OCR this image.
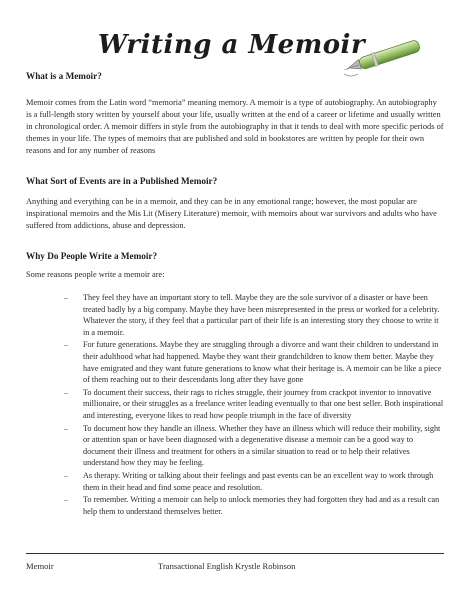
Writing a Memoir
What is a Memoir?

Memoir comes from the Latin word “memoria” meaning memory. A memoir is a type of autobiography. An autobiography is a full-length story written by yourself about your life, usually written at the end of a career or lifetime and usually written in chronological order. A memoir differs in style from the autobiography in that it tends to deal with more specific periods of themes in your life. The types of memoirs that are published and sold in bookstores are written by people for their own reasons and for any number of reasons

What Sort of Events are in a Published Memoir?

Anything and everything can be in a memoir, and they can be in any emotional range; however, the most popular are inspirational memoirs and the Mis Lit (Misery Literature) memoir, with memoirs about war survivors and adults who have suffered from addictions, abuse and depression.

Why Do People Write a Memoir?

Some reasons people write a memoir are:

– They feel they have an important story to tell. Maybe they are the sole survivor of a disaster or have been treated badly by a big company. Maybe they have been misrepresented in the press or worked for a celebrity. Whatever the story, if they feel that a particular part of their life is an interesting story they choose to write it in a memoir.
– For future generations. Maybe they are struggling through a divorce and want their children to understand in their adulthood what had happened. Maybe they want their grandchildren to know them better. Maybe they have emigrated and they want future generations to know what their heritage is. A memoir can be like a piece of them reaching out to their descendants long after they have gone
– To document their success, their rags to riches struggle, their journey from crackpot inventor to innovative millionaire, or their struggles as a freelance writer leading eventually to that one best seller. Both inspirational and interesting, everyone likes to read how people triumph in the face of diversity
– To document how they handle an illness. Whether they have an illness which will reduce their mobility, sight or attention span or have been diagnosed with a degenerative disease a memoir can be a good way to document their illness and treatment for others in a similar situation to read or to help their relatives understand how they may be feeling.
– As therapy. Writing or talking about their feelings and past events can be an excellent way to work through them in their head and find some peace and resolution.
– To remember. Writing a memoir can help to unlock memories they had forgotten they had and as a result can help them to understand themselves better.
Memoir	Transactional English Krystle Robinson
